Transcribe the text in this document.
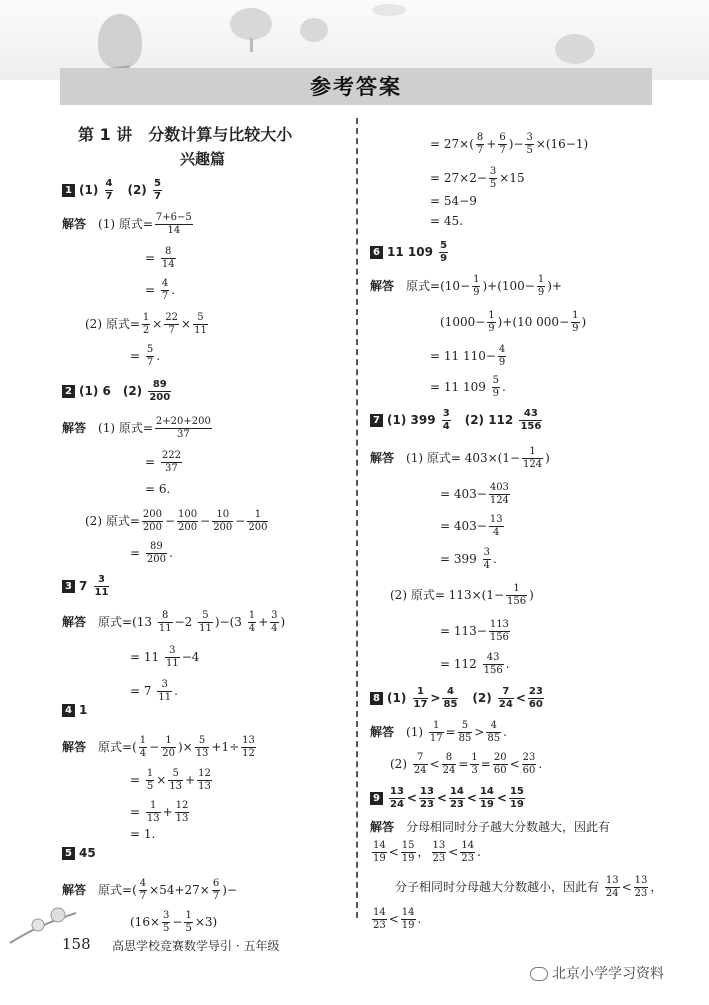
参考答案
第 1 讲　分数计算与比较大小
兴趣篇
1 $(1) \frac{4}{7}$ 　$(2) \frac{5}{7}$
解答 (1) 原式= $\frac{7+6-5}{14}$
= $\frac{8}{14}$
= $\frac{4}{7}$ .
(2) 原式= $\frac{1}{2} \times \frac{22}{7} \times \frac{5}{11}$
= $\frac{5}{7}$ .
2 (1) 6　$(2) \frac{89}{200}$
解答 (1) 原式= $\frac{2+20+200}{37}$
= $\frac{222}{37}$
= 6.
(2) 原式= $\frac{200}{200} - \frac{100}{200} - \frac{10}{200} - \frac{1}{200}$
= $\frac{89}{200}$ .
3 $7 \frac{3}{11}$
解答 原式$=(13 \frac{8}{11} -2 \frac{5}{11} )-(3 \frac{1}{4} + \frac{3}{4}$ )
= $11 \frac{3}{11} -4$
= $7 \frac{3}{11}$ .
4 1
解答 原式=( $\frac{1}{4} - \frac{1}{20}$ )× $\frac{5}{13} +1\div \frac{13}{12}$
= $\frac{1}{5} \times \frac{5}{13} + \frac{12}{13}$
= $\frac{1}{13} + \frac{12}{13}$
= 1.
5 45
解答 原式=( $\frac{4}{7} \times 54+27\times \frac{6}{7}$ )−
$(16\times \frac{3}{5} - \frac{1}{5} \times 3)$
= $27\times( \frac{8}{7} + \frac{6}{7}$ )− $\frac{3}{5} \times(16-1)$
= $27\times 2- \frac{3}{5} \times 15$
= 54−9
= 45.
6 11 $109 \frac{5}{9}$
解答 原式$=(10- \frac{1}{9} )+(100- \frac{1}{9}$ )+
$(1000- \frac{1}{9} )+(10$ $000- \frac{1}{9}$ )
= 11 $110- \frac{4}{9}$
= 11 $109 \frac{5}{9}$ .
7 (1) $399 \frac{3}{4}$ 　(2) $112 \frac{43}{156}$
解答 (1) 原式= $403\times(1- \frac{1}{124}$ )
= $403- \frac{403}{124}$
= $403- \frac{13}{4}$
= $399 \frac{3}{4}$ .
(2) 原式= $113\times(1- \frac{1}{156}$ )
= $113- \frac{113}{156}$
= $112 \frac{43}{156}$ .
8 $(1) \frac{1}{17} > \frac{4}{85}$ 　$(2) \frac{7}{24} < \frac{23}{60}$
解答 $(1) \frac{1}{17} = \frac{5}{85} > \frac{4}{85}$ .
$(2) \frac{7}{24} < \frac{8}{24} = \frac{1}{3} = \frac{20}{60} < \frac{23}{60}$ .
$9 \frac{13}{24} < \frac{13}{23} < \frac{14}{23} < \frac{14}{19} < \frac{15}{19}$
解答 分母相同时分子越大分数越大，因此有
$\frac{14}{19} < \frac{15}{19}$ ， $\frac{13}{23} < \frac{14}{23}$ .
分子相同时分母越大分数越小，因此有 $\frac{13}{24} < \frac{13}{23}$ ，
$\frac{14}{23} < \frac{14}{19}$ .
158 高思学校竞赛数学导引 · 五年级
北京小学学习资料
